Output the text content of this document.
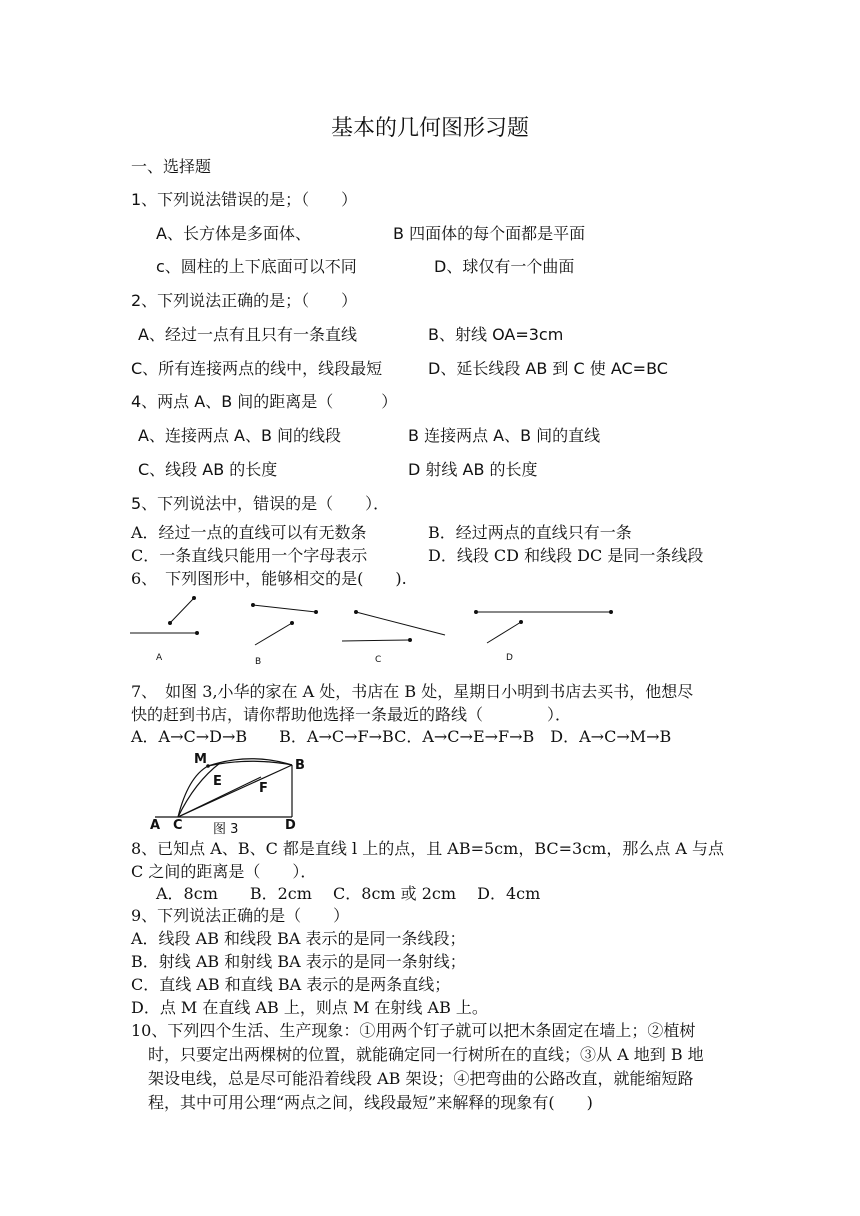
基本的几何图形习题
一、选择题
1、下列说法错误的是；（　　）
A、长方体是多面体、	B 四面体的每个面都是平面
c、圆柱的上下底面可以不同	D、球仅有一个曲面
2、下列说法正确的是；（　　）
A、经过一点有且只有一条直线	B、射线 OA=3cm
C、所有连接两点的线中，线段最短	D、延长线段 AB 到 C 使 AC=BC
4、两点 A、B 间的距离是（　　　）
A、连接两点 A、B 间的线段	B 连接两点 A、B 间的直线
C、线段 AB 的长度	D 射线 AB 的长度
5、下列说法中，错误的是（　　）．
A．经过一点的直线可以有无数条	B．经过两点的直线只有一条
C．一条直线只能用一个字母表示	D．线段 CD 和线段 DC 是同一条线段
6、　下列图形中，能够相交的是(　　).
A	B	C	D
7、　如图 3,小华的家在 A 处，书店在 B 处，星期日小明到书店去买书，他想尽
快的赶到书店，请你帮助他选择一条最近的路线（　　　　）．
A．A→C→D→B　　B．A→C→F→BC．A→C→E→F→B　D．A→C→M→B
M	B
E	F
A C 图 3	D
8、已知点 A、B、C 都是直线 l 上的点，且 AB=5cm，BC=3cm，那么点 A 与点
C 之间的距离是（　　）．
A．8cm　　B．2cm　 C．8cm 或 2cm　 D．4cm
9、下列说法正确的是（　　）
A．线段 AB 和线段 BA 表示的是同一条线段；
B．射线 AB 和射线 BA 表示的是同一条射线；
C．直线 AB 和直线 BA 表示的是两条直线；
D．点 M 在直线 AB 上，则点 M 在射线 AB 上。
10、下列四个生活、生产现象：①用两个钉子就可以把木条固定在墙上；②植树
时，只要定出两棵树的位置，就能确定同一行树所在的直线；③从 A 地到 B 地
架设电线，总是尽可能沿着线段 AB 架设；④把弯曲的公路改直，就能缩短路
程，其中可用公理“两点之间，线段最短”来解释的现象有(　　)
